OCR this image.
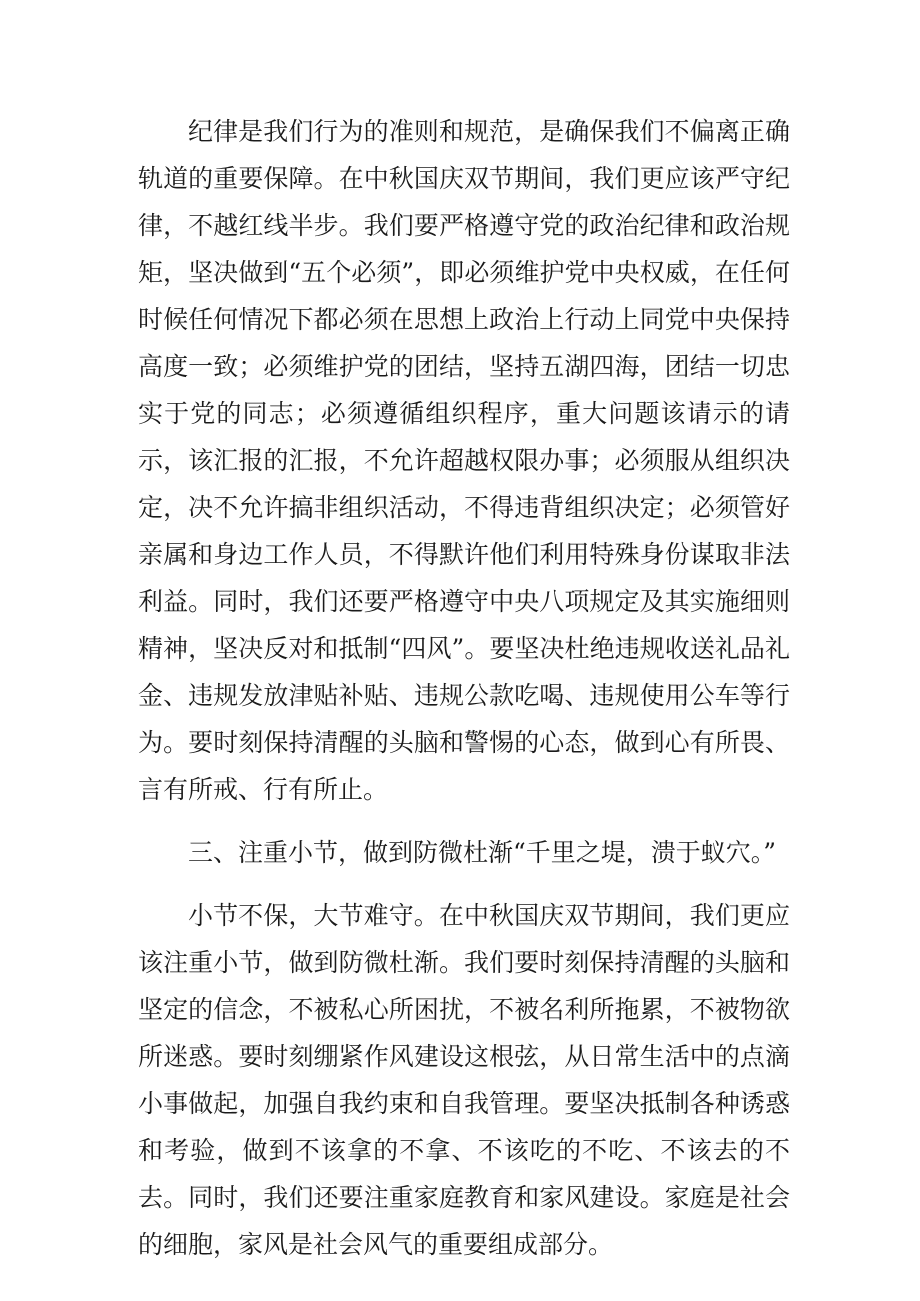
纪律是我们行为的准则和规范，是确保我们不偏离正确轨道的重要保障。在中秋国庆双节期间，我们更应该严守纪律，不越红线半步。我们要严格遵守党的政治纪律和政治规矩，坚决做到“五个必须”，即必须维护党中央权威，在任何时候任何情况下都必须在思想上政治上行动上同党中央保持高度一致；必须维护党的团结，坚持五湖四海，团结一切忠实于党的同志；必须遵循组织程序，重大问题该请示的请示，该汇报的汇报，不允许超越权限办事；必须服从组织决定，决不允许搞非组织活动，不得违背组织决定；必须管好亲属和身边工作人员，不得默许他们利用特殊身份谋取非法利益。同时，我们还要严格遵守中央八项规定及其实施细则精神，坚决反对和抵制“四风”。要坚决杜绝违规收送礼品礼金、违规发放津贴补贴、违规公款吃喝、违规使用公车等行为。要时刻保持清醒的头脑和警惕的心态，做到心有所畏、言有所戒、行有所止。

三、注重小节，做到防微杜渐“千里之堤，溃于蚁穴。”

小节不保，大节难守。在中秋国庆双节期间，我们更应该注重小节，做到防微杜渐。我们要时刻保持清醒的头脑和坚定的信念，不被私心所困扰，不被名利所拖累，不被物欲所迷惑。要时刻绷紧作风建设这根弦，从日常生活中的点滴小事做起，加强自我约束和自我管理。要坚决抵制各种诱惑和考验，做到不该拿的不拿、不该吃的不吃、不该去的不去。同时，我们还要注重家庭教育和家风建设。家庭是社会的细胞，家风是社会风气的重要组成部分。
